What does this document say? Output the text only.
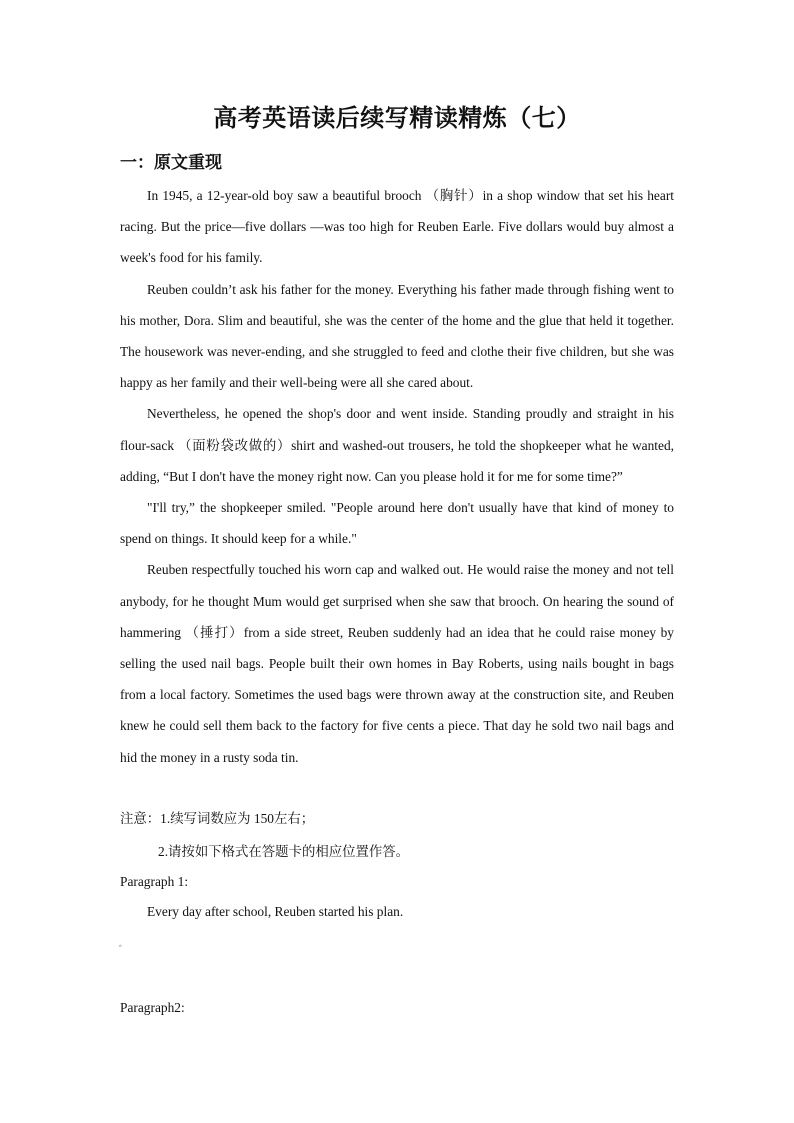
高考英语读后续写精读精炼（七）
一：原文重现

In 1945, a 12-year-old boy saw a beautiful brooch （胸针）in a shop window that set his heart racing. But the price—five dollars —was too high for Reuben Earle. Five dollars would buy almost a week's food for his family.

Reuben couldn’t ask his father for the money. Everything his father made through fishing went to his mother, Dora. Slim and beautiful, she was the center of the home and the glue that held it together. The housework was never-ending, and she struggled to feed and clothe their five children, but she was happy as her family and their well-being were all she cared about.

Nevertheless, he opened the shop's door and went inside. Standing proudly and straight in his flour-sack （面粉袋改做的）shirt and washed-out trousers, he told the shopkeeper what he wanted, adding, “But I don't have the money right now. Can you please hold it for me for some time?”

"I'll try,” the shopkeeper smiled. "People around here don't usually have that kind of money to spend on things. It should keep for a while."

Reuben respectfully touched his worn cap and walked out. He would raise the money and not tell anybody, for he thought Mum would get surprised when she saw that brooch. On hearing the sound of hammering （捶打）from a side street, Reuben suddenly had an idea that he could raise money by selling the used nail bags. People built their own homes in Bay Roberts, using nails bought in bags from a local factory. Sometimes the used bags were thrown away at the construction site, and Reuben knew he could sell them back to the factory for five cents a piece. That day he sold two nail bags and hid the money in a rusty soda tin.

注意：1.续写词数应为 150左右；
2.请按如下格式在答题卡的相应位置作答。
Paragraph 1:
Every day after school, Reuben started his plan.
。
Paragraph2:
